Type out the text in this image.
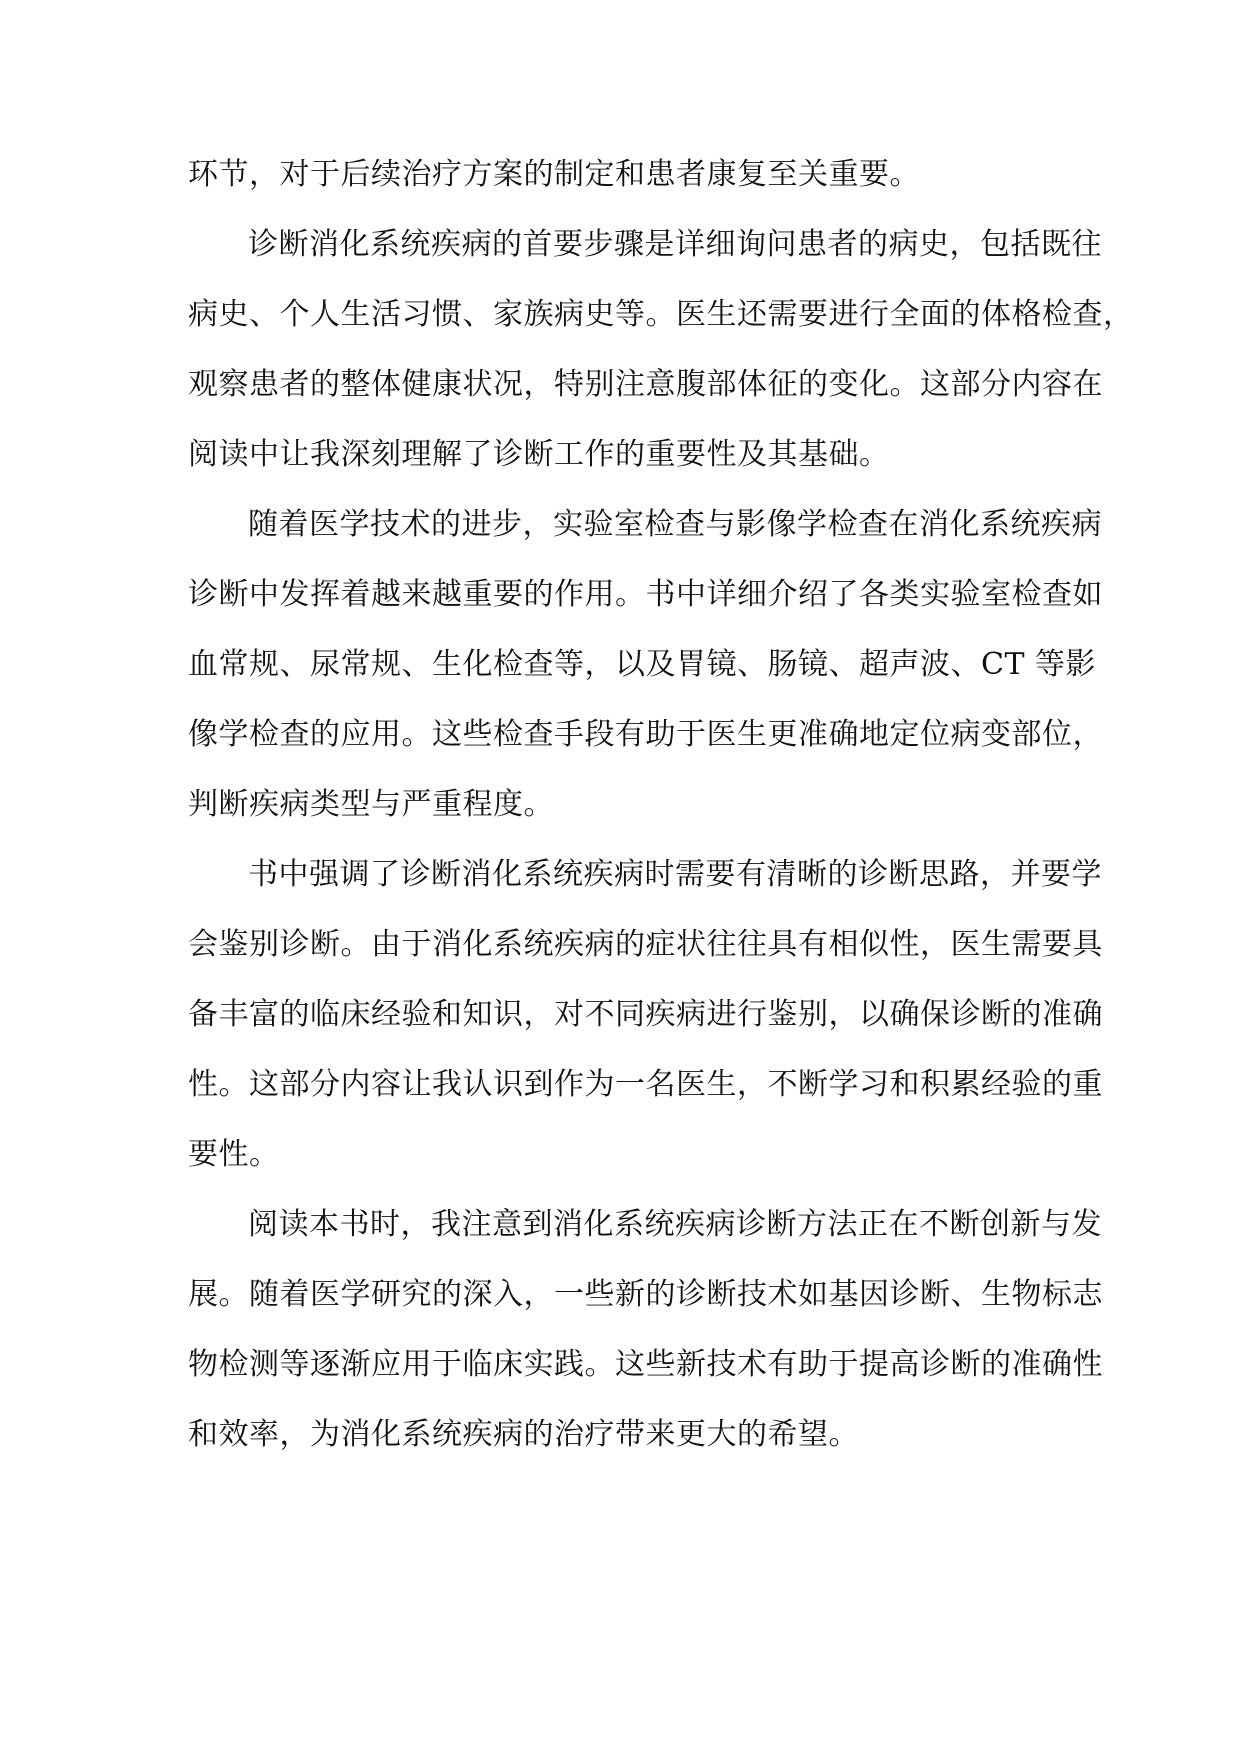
环节，对于后续治疗方案的制定和患者康复至关重要。
诊断消化系统疾病的首要步骤是详细询问患者的病史，包括既往
病史、个人生活习惯、家族病史等。医生还需要进行全面的体格检查，
观察患者的整体健康状况，特别注意腹部体征的变化。这部分内容在
阅读中让我深刻理解了诊断工作的重要性及其基础。
随着医学技术的进步，实验室检查与影像学检查在消化系统疾病
诊断中发挥着越来越重要的作用。书中详细介绍了各类实验室检查如
血常规、尿常规、生化检查等，以及胃镜、肠镜、超声波、CT 等影
像学检查的应用。这些检查手段有助于医生更准确地定位病变部位，
判断疾病类型与严重程度。
书中强调了诊断消化系统疾病时需要有清晰的诊断思路，并要学
会鉴别诊断。由于消化系统疾病的症状往往具有相似性，医生需要具
备丰富的临床经验和知识，对不同疾病进行鉴别，以确保诊断的准确
性。这部分内容让我认识到作为一名医生，不断学习和积累经验的重
要性。
阅读本书时，我注意到消化系统疾病诊断方法正在不断创新与发
展。随着医学研究的深入，一些新的诊断技术如基因诊断、生物标志
物检测等逐渐应用于临床实践。这些新技术有助于提高诊断的准确性
和效率，为消化系统疾病的治疗带来更大的希望。
